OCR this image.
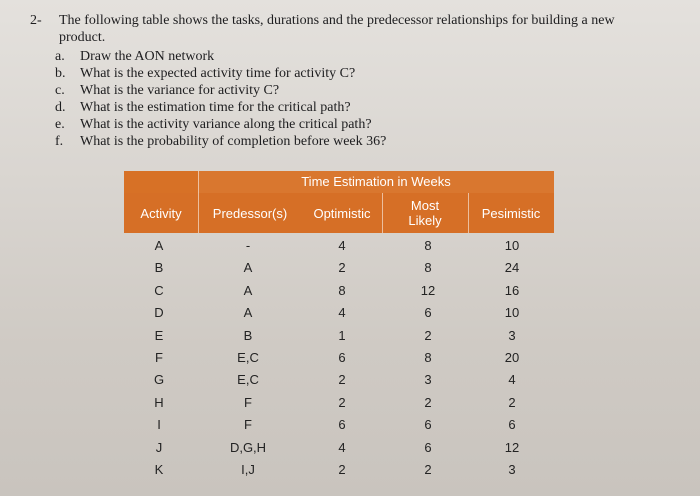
2- The following table shows the tasks, durations and the predecessor relationships for building a new product.
a.	Draw the AON network
b.	What is the expected activity time for activity C?
c.	What is the variance for activity C?
d.	What is the estimation time for the critical path?
e.	What is the activity variance along the critical path?
f.	What is the probability of completion before week 36?
Time Estimation in Weeks
Activity	Predessor(s)	Optimistic	Most Likely	Pesimistic
A	-	4	8	10
B	A	2	8	24
C	A	8	12	16
D	A	4	6	10
E	B	1	2	3
F	E,C	6	8	20
G	E,C	2	3	4
H	F	2	2	2
I	F	6	6	6
J	D,G,H	4	6	12
K	I,J	2	2	3
